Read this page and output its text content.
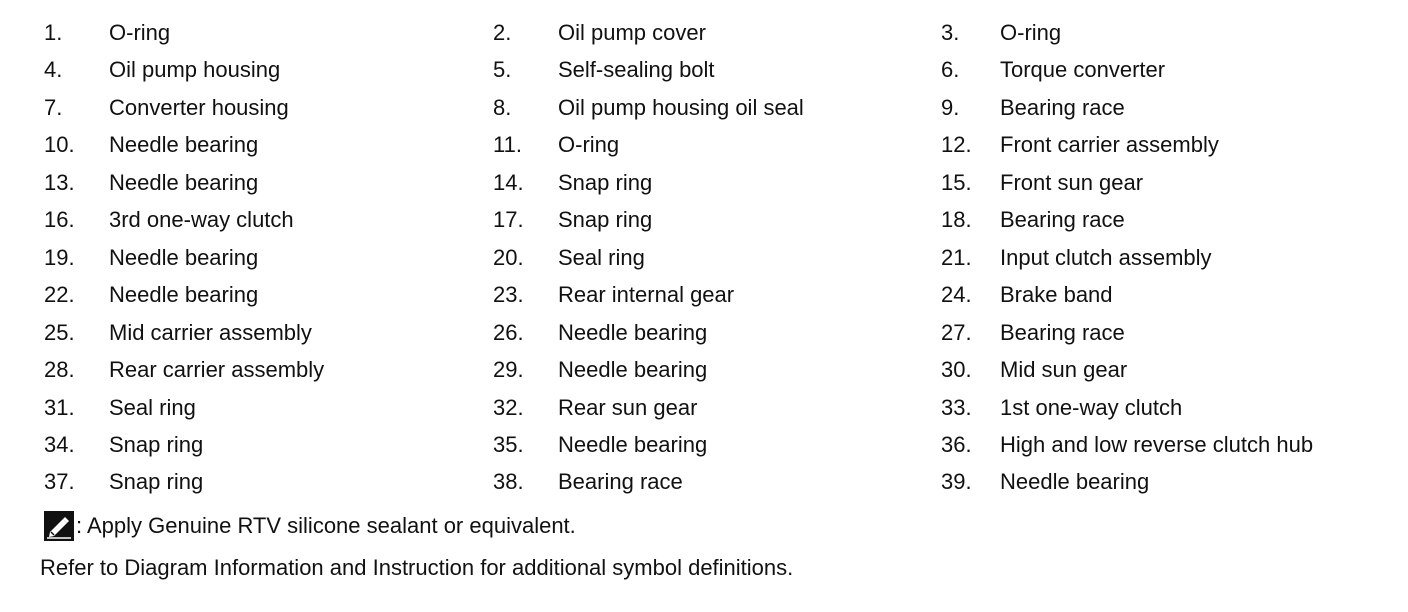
1.	O-ring	2.	Oil pump cover	3.	O-ring
4.	Oil pump housing	5.	Self-sealing bolt	6.	Torque converter
7.	Converter housing	8.	Oil pump housing oil seal	9.	Bearing race
10.	Needle bearing	11.	O-ring	12.	Front carrier assembly
13.	Needle bearing	14.	Snap ring	15.	Front sun gear
16.	3rd one-way clutch	17.	Snap ring	18.	Bearing race
19.	Needle bearing	20.	Seal ring	21.	Input clutch assembly
22.	Needle bearing	23.	Rear internal gear	24.	Brake band
25.	Mid carrier assembly	26.	Needle bearing	27.	Bearing race
28.	Rear carrier assembly	29.	Needle bearing	30.	Mid sun gear
31.	Seal ring	32.	Rear sun gear	33.	1st one-way clutch
34.	Snap ring	35.	Needle bearing	36.	High and low reverse clutch hub
37.	Snap ring	38.	Bearing race	39.	Needle bearing
: Apply Genuine RTV silicone sealant or equivalent.
Refer to Diagram Information and Instruction for additional symbol definitions.
